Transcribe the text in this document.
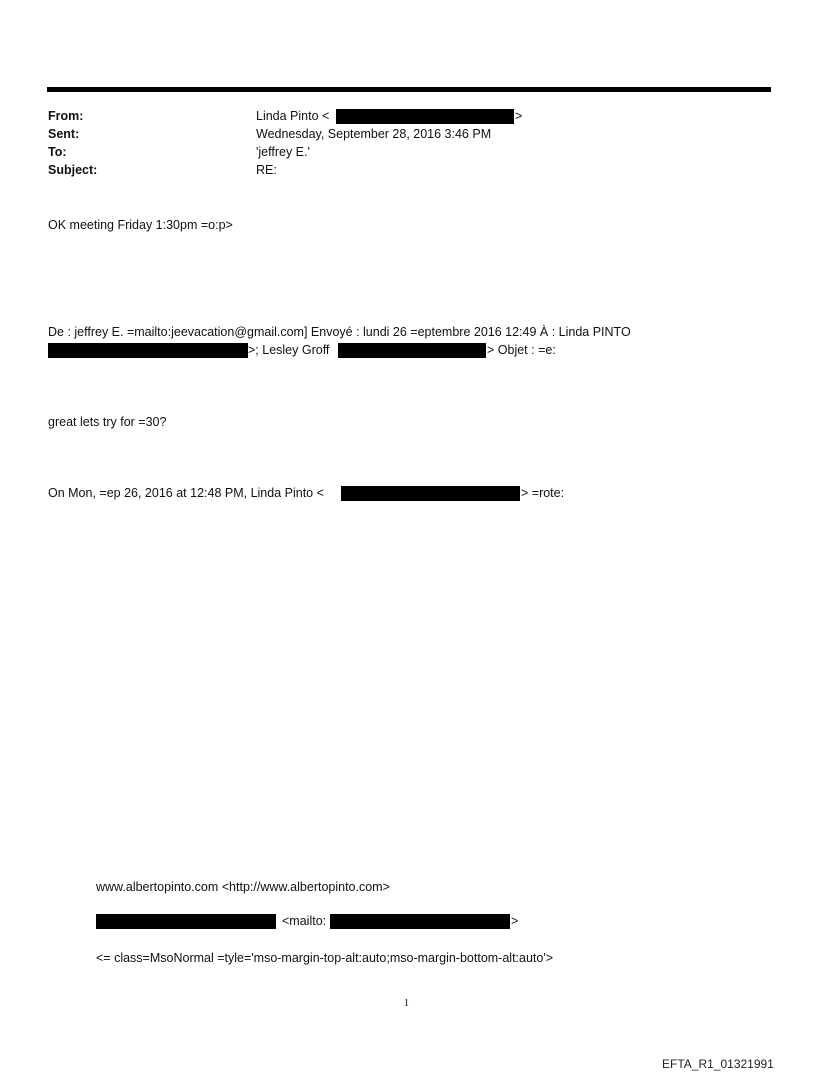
From:	Linda Pinto <	>
Sent:	Wednesday, September 28, 2016 3:46 PM
To:	'jeffrey E.'
Subject:	RE:
OK meeting Friday 1:30pm =o:p>
De : jeffrey E. =mailto:jeevacation@gmail.com] Envoyé : lundi 26 =eptembre 2016 12:49 À : Linda PINTO
>; Lesley Groff	> Objet : =e:
great lets try for =30?
On Mon, =ep 26, 2016 at 12:48 PM, Linda Pinto <	> =rote:
www.albertopinto.com <http://www.albertopinto.com>
<mailto:	>
<= class=MsoNormal =tyle='mso-margin-top-alt:auto;mso-margin-bottom-alt:auto'>
1
EFTA_R1_01321991
